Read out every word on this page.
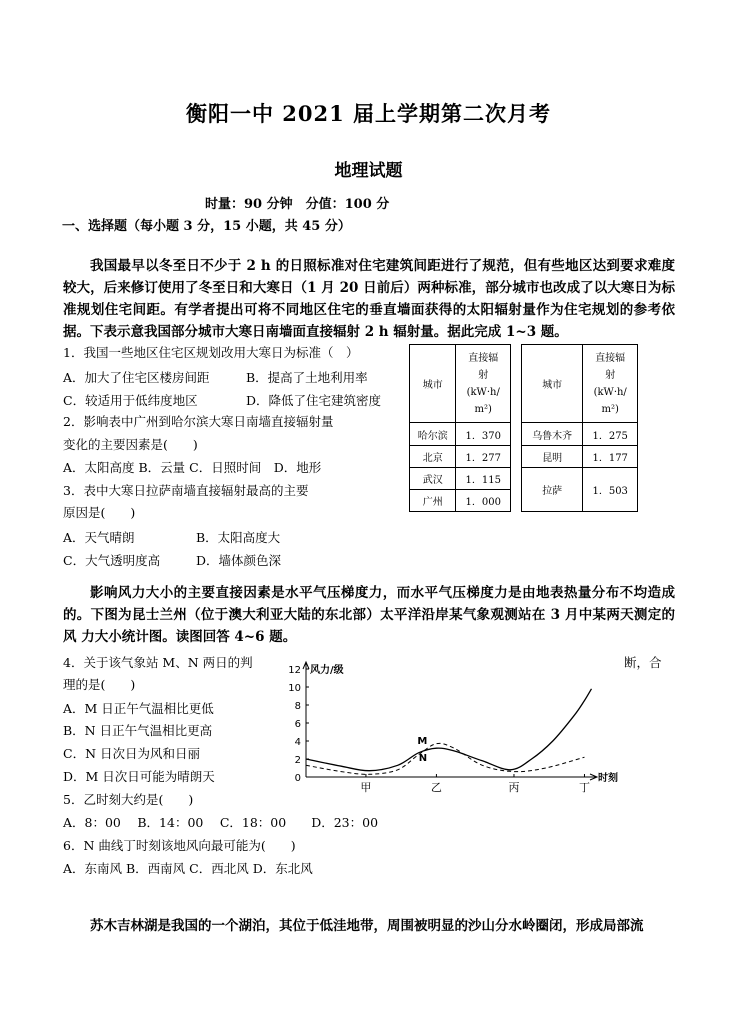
衡阳一中 2021 届上学期第二次月考
地理试题
时量：90 分钟　分值：100 分
一、选择题（每小题 3 分，15 小题，共 45 分）
我国最早以冬至日不少于 2 h 的日照标准对住宅建筑间距进行了规范，但有些地区达到要求难度较大，后来修订使用了冬至日和大寒日（1 月 20 日前后）两种标准，部分城市也改成了以大寒日为标准规划住宅间距。有学者提出可将不同地区住宅的垂直墙面获得的太阳辐射量作为住宅规划的参考依据。下表示意我国部分城市大寒日南墙面直接辐射 2 h 辐射量。据此完成 1~3 题。
1．我国一些地区住宅区规划改用大寒日为标准（　）
A．加大了住宅区楼房间距	B．提高了土地利用率
C．较适用于低纬度地区	D．降低了住宅建筑密度
2．影响表中广州到哈尔滨大寒日南墙直接辐射量
变化的主要因素是(　　)
A．太阳高度 B．云量 C．日照时间　D．地形
3．表中大寒日拉萨南墙直接辐射最高的主要
原因是(　　)
A．天气晴朗	B．太阳高度大
C．大气透明度高	D．墙体颜色深
城市	直接辐
射
(kW·h/
m²)		城市	直接辐
射
(kW·h/
m²)
哈尔滨	1．370		乌鲁木齐	1．275
北京	1．277		昆明	1．177
武汉	1．115		拉萨	1．503
广州	1．000			
影响风力大小的主要直接因素是水平气压梯度力，而水平气压梯度力是由地表热量分布不均造成的。下图为昆士兰州（位于澳大利亚大陆的东北部）太平洋沿岸某气象观测站在 3 月中某两天测定的风 力大小统计图。读图回答 4~6 题。
4．关于该气象站 M、N 两日的判	断，合
理的是(　　)
A．M 日正午气温相比更低
B．N 日正午气温相比更高
C．N 日次日为风和日丽
D．M 日次日可能为晴朗天
5．乙时刻大约是(　　)
A．8：00　 B．14：00　 C．18：00　　D．23：00
6．N 曲线丁时刻该地风向最可能为(　　)
A．东南风 B．西南风 C．西北风 D．东北风
0
2
4
6
8
10
12 风力/级
时刻
甲	乙	丙	丁
M
N
苏木吉林湖是我国的一个湖泊，其位于低洼地带，周围被明显的沙山分水岭圈闭，形成局部流
